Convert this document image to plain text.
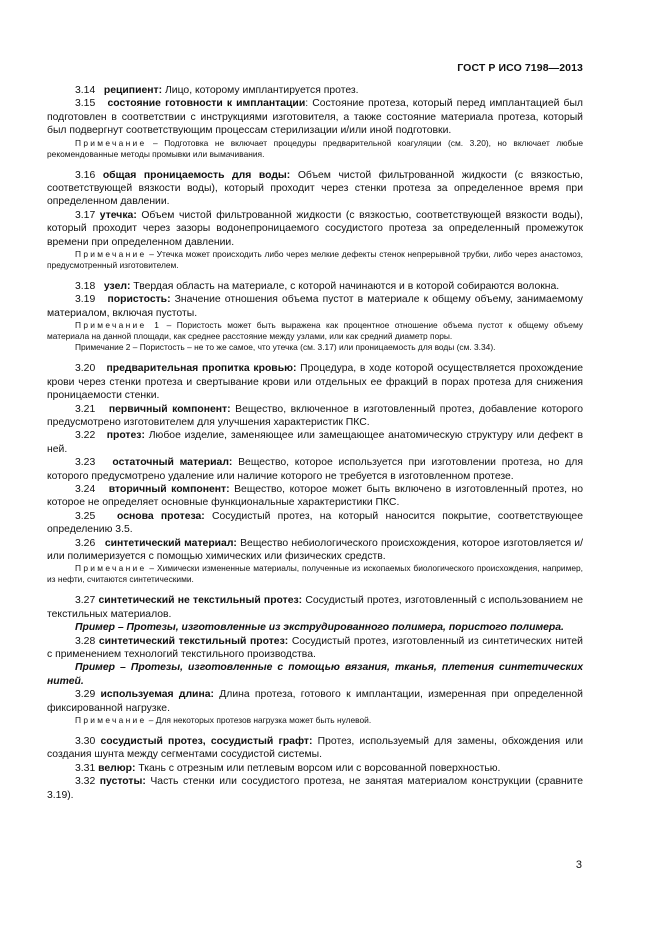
ГОСТ Р ИСО 7198—2013

3.14 реципиент: Лицо, которому имплантируется протез.

3.15 состояние готовности к имплантации: Состояние протеза, который перед имплантацией был подготовлен в соответствии с инструкциями изготовителя, а также состояние материала протеза, который был подвергнут соответствующим процессам стерилизации и/или иной подготовки.

Примечание – Подготовка не включает процедуры предварительной коагуляции (см. 3.20), но включает любые рекомендованные методы промывки или вымачивания.

3.16 общая проницаемость для воды: Объем чистой фильтрованной жидкости (с вязкостью, соответствующей вязкости воды), который проходит через стенки протеза за определенное время при определенном давлении.

3.17 утечка: Объем чистой фильтрованной жидкости (с вязкостью, соответствующей вязкости воды), который проходит через зазоры водонепроницаемого сосудистого протеза за определенный промежуток времени при определенном давлении.

Примечание – Утечка может происходить либо через мелкие дефекты стенок непрерывной трубки, либо через анастомоз, предусмотренный изготовителем.

3.18 узел: Твердая область на материале, с которой начинаются и в которой собираются волокна.

3.19 пористость: Значение отношения объема пустот в материале к общему объему, занимаемому материалом, включая пустоты.

Примечание 1 – Пористость может быть выражена как процентное отношение объема пустот к общему объему материала на данной площади, как среднее расстояние между узлами, или как средний диаметр поры.

Примечание 2 – Пористость – не то же самое, что утечка (см. 3.17) или проницаемость для воды (см. 3.34).

3.20 предварительная пропитка кровью: Процедура, в ходе которой осуществляется прохождение крови через стенки протеза и свертывание крови или отдельных ее фракций в порах протеза для снижения проницаемости стенки.

3.21 первичный компонент: Вещество, включенное в изготовленный протез, добавление которого предусмотрено изготовителем для улучшения характеристик ПКС.

3.22 протез: Любое изделие, заменяющее или замещающее анатомическую структуру или дефект в ней.

3.23 остаточный материал: Вещество, которое используется при изготовлении протеза, но для которого предусмотрено удаление или наличие которого не требуется в изготовленном протезе.

3.24 вторичный компонент: Вещество, которое может быть включено в изготовленный протез, но которое не определяет основные функциональные характеристики ПКС.

3.25 основа протеза: Сосудистый протез, на который наносится покрытие, соответствующее определению 3.5.

3.26 синтетический материал: Вещество небиологического происхождения, которое изготовляется и/или полимеризуется с помощью химических или физических средств.

Примечание – Химически измененные материалы, полученные из ископаемых биологического происхождения, например, из нефти, считаются синтетическими.

3.27 синтетический не текстильный протез: Сосудистый протез, изготовленный с использованием не текстильных материалов.

Пример – Протезы, изготовленные из экструдированного полимера, пористого полимера.

3.28 синтетический текстильный протез: Сосудистый протез, изготовленный из синтетических нитей с применением технологий текстильного производства.

Пример – Протезы, изготовленные с помощью вязания, тканья, плетения синтетических нитей.

3.29 используемая длина: Длина протеза, готового к имплантации, измеренная при определенной фиксированной нагрузке.

Примечание – Для некоторых протезов нагрузка может быть нулевой.

3.30 сосудистый протез, сосудистый графт: Протез, используемый для замены, обхождения или создания шунта между сегментами сосудистой системы.

3.31 велюр: Ткань с отрезным или петлевым ворсом или с ворсованной поверхностью.

3.32 пустоты: Часть стенки или сосудистого протеза, не занятая материалом конструкции (сравните 3.19).

3
